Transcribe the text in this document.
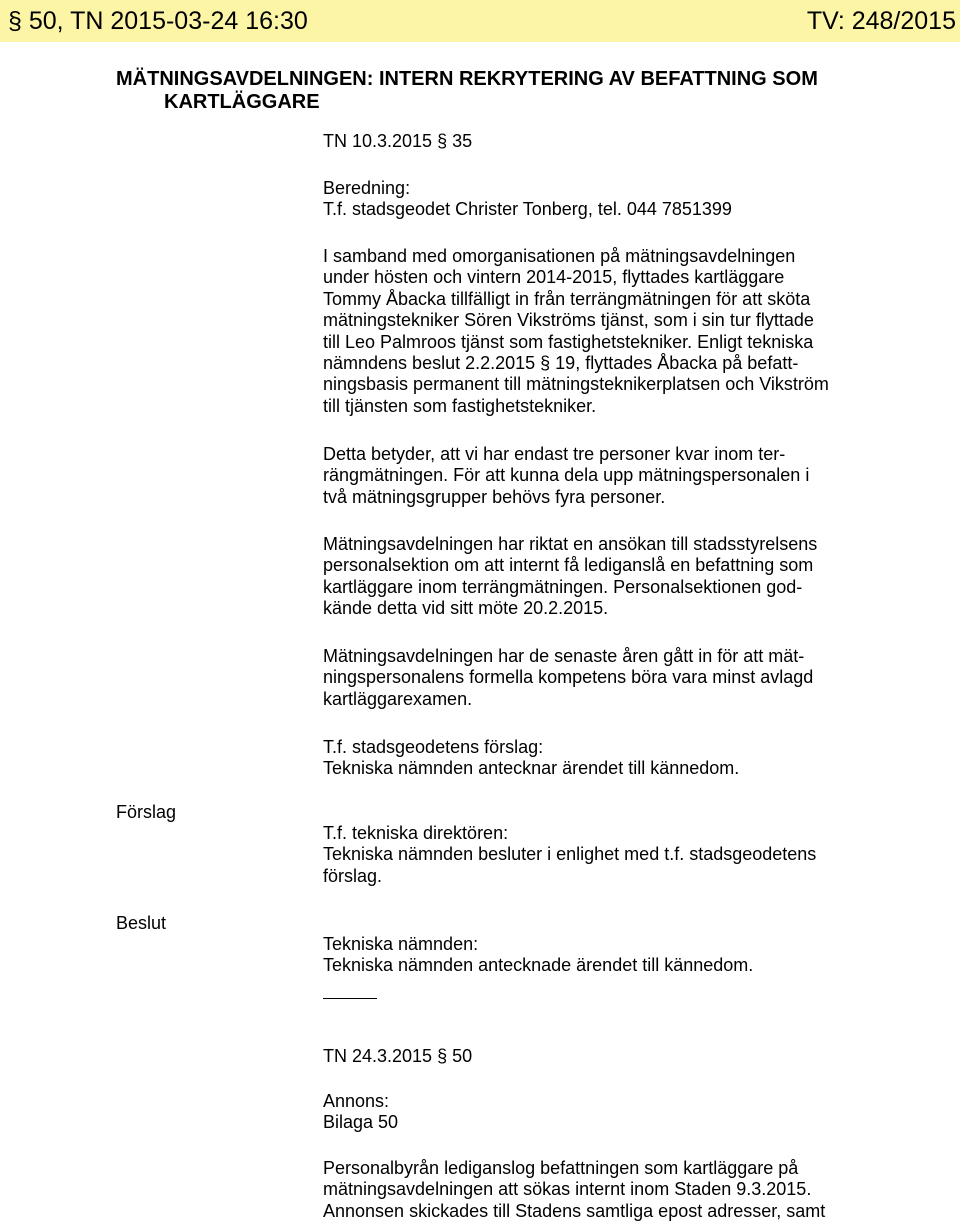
§ 50, TN 2015-03-24 16:30	TV: 248/2015
MÄTNINGSAVDELNINGEN: INTERN REKRYTERING AV BEFATTNING SOM
KARTLÄGGARE
TN 10.3.2015 § 35
Beredning:
T.f. stadsgeodet Christer Tonberg, tel. 044 7851399
I samband med omorganisationen på mätningsavdelningen
under hösten och vintern 2014-2015, flyttades kartläggare
Tommy Åbacka tillfälligt in från terrängmätningen för att sköta
mätningstekniker Sören Vikströms tjänst, som i sin tur flyttade
till Leo Palmroos tjänst som fastighetstekniker. Enligt tekniska
nämndens beslut 2.2.2015 § 19, flyttades Åbacka på befatt-
ningsbasis permanent till mätningsteknikerplatsen och Vikström
till tjänsten som fastighetstekniker.
Detta betyder, att vi har endast tre personer kvar inom ter-
rängmätningen. För att kunna dela upp mätningspersonalen i
två mätningsgrupper behövs fyra personer.
Mätningsavdelningen har riktat en ansökan till stadsstyrelsens
personalsektion om att internt få lediganslå en befattning som
kartläggare inom terrängmätningen. Personalsektionen god-
kände detta vid sitt möte 20.2.2015.
Mätningsavdelningen har de senaste åren gått in för att mät-
ningspersonalens formella kompetens böra vara minst avlagd
kartläggarexamen.
T.f. stadsgeodetens förslag:
Tekniska nämnden antecknar ärendet till kännedom.
Förslag
T.f. tekniska direktören:
Tekniska nämnden besluter i enlighet med t.f. stadsgeodetens
förslag.
Beslut
Tekniska nämnden:
Tekniska nämnden antecknade ärendet till kännedom.
TN 24.3.2015 § 50
Annons:
Bilaga 50
Personalbyrån lediganslog befattningen som kartläggare på
mätningsavdelningen att sökas internt inom Staden 9.3.2015.
Annonsen skickades till Stadens samtliga epost adresser, samt
